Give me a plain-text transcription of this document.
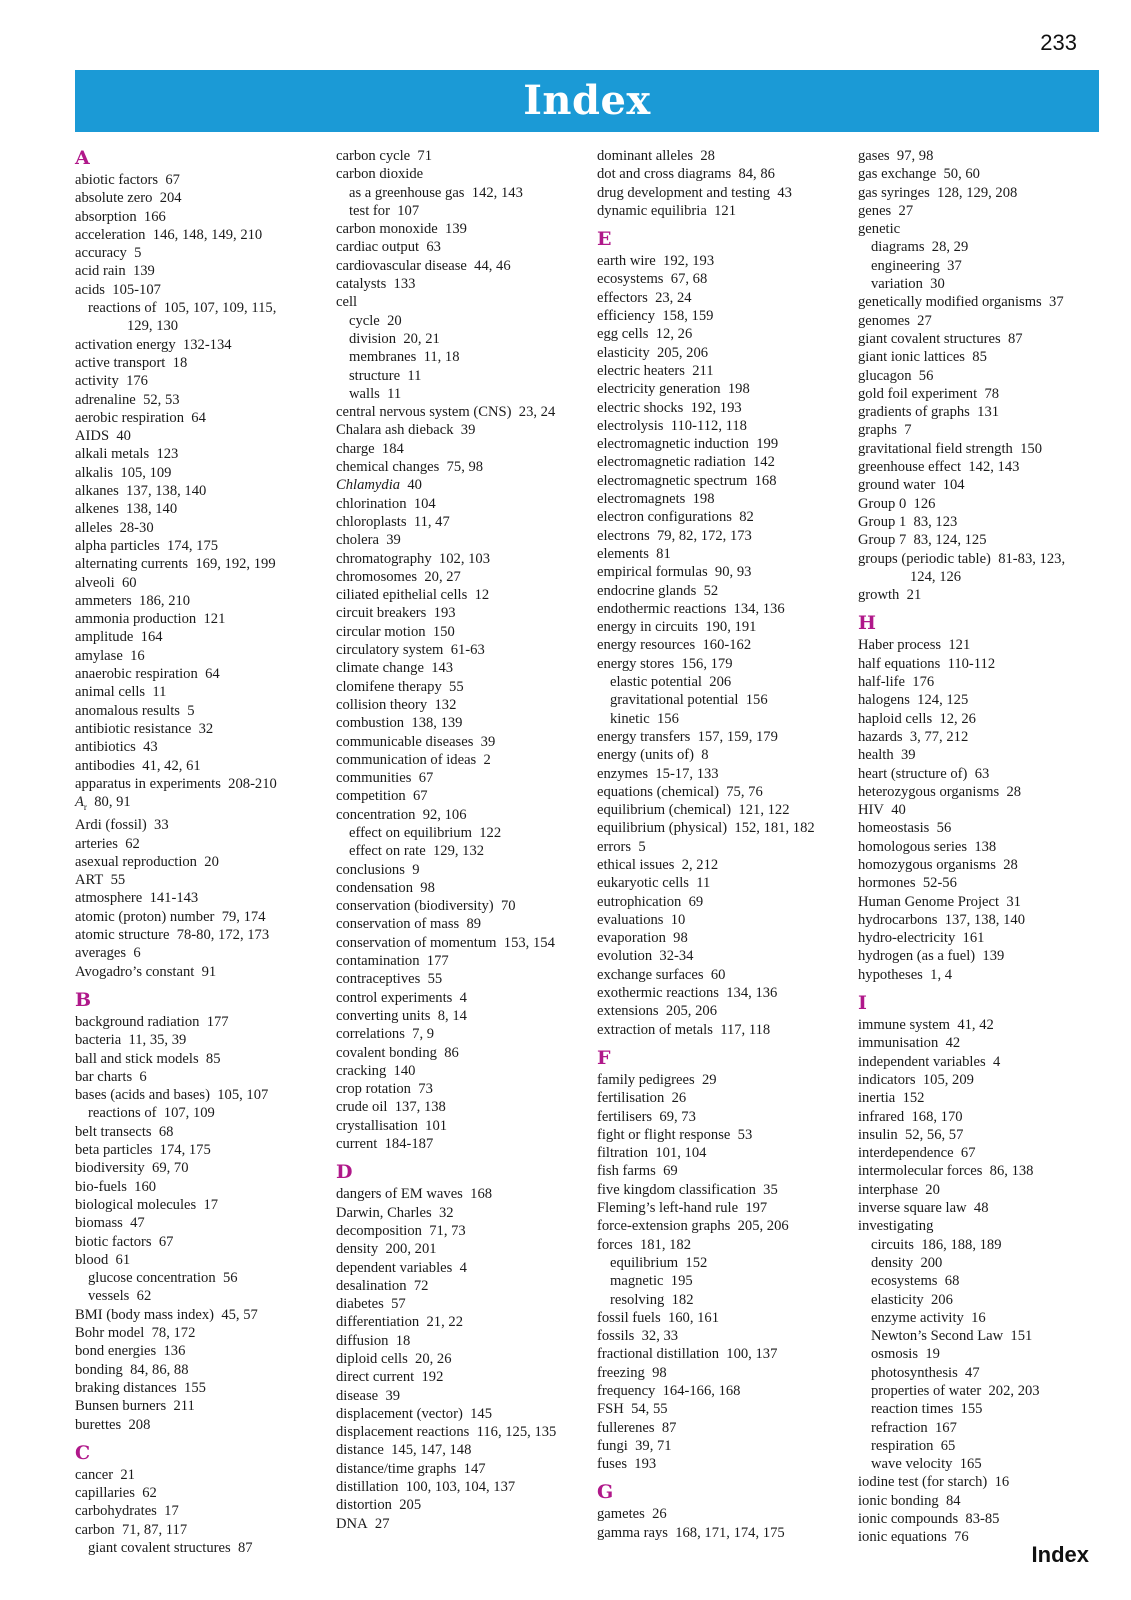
233
Index
A
abiotic factors  67
absolute zero  204
absorption  166
acceleration  146, 148, 149, 210
accuracy  5
acid rain  139
acids  105-107
reactions of  105, 107, 109, 115,
129, 130
activation energy  132-134
active transport  18
activity  176
adrenaline  52, 53
aerobic respiration  64
AIDS  40
alkali metals  123
alkalis  105, 109
alkanes  137, 138, 140
alkenes  138, 140
alleles  28-30
alpha particles  174, 175
alternating currents  169, 192, 199
alveoli  60
ammeters  186, 210
ammonia production  121
amplitude  164
amylase  16
anaerobic respiration  64
animal cells  11
anomalous results  5
antibiotic resistance  32
antibiotics  43
antibodies  41, 42, 61
apparatus in experiments  208-210
$A_r$  80, 91
Ardi (fossil)  33
arteries  62
asexual reproduction  20
ART  55
atmosphere  141-143
atomic (proton) number  79, 174
atomic structure  78-80, 172, 173
averages  6
Avogadro’s constant  91
B
background radiation  177
bacteria  11, 35, 39
ball and stick models  85
bar charts  6
bases (acids and bases)  105, 107
reactions of  107, 109
belt transects  68
beta particles  174, 175
biodiversity  69, 70
bio-fuels  160
biological molecules  17
biomass  47
biotic factors  67
blood  61
glucose concentration  56
vessels  62
BMI (body mass index)  45, 57
Bohr model  78, 172
bond energies  136
bonding  84, 86, 88
braking distances  155
Bunsen burners  211
burettes  208
C
cancer  21
capillaries  62
carbohydrates  17
carbon  71, 87, 117
giant covalent structures  87
carbon cycle  71
carbon dioxide
as a greenhouse gas  142, 143
test for  107
carbon monoxide  139
cardiac output  63
cardiovascular disease  44, 46
catalysts  133
cell
cycle  20
division  20, 21
membranes  11, 18
structure  11
walls  11
central nervous system (CNS)  23, 24
Chalara ash dieback  39
charge  184
chemical changes  75, 98
Chlamydia  40
chlorination  104
chloroplasts  11, 47
cholera  39
chromatography  102, 103
chromosomes  20, 27
ciliated epithelial cells  12
circuit breakers  193
circular motion  150
circulatory system  61-63
climate change  143
clomifene therapy  55
collision theory  132
combustion  138, 139
communicable diseases  39
communication of ideas  2
communities  67
competition  67
concentration  92, 106
effect on equilibrium  122
effect on rate  129, 132
conclusions  9
condensation  98
conservation (biodiversity)  70
conservation of mass  89
conservation of momentum  153, 154
contamination  177
contraceptives  55
control experiments  4
converting units  8, 14
correlations  7, 9
covalent bonding  86
cracking  140
crop rotation  73
crude oil  137, 138
crystallisation  101
current  184-187
D
dangers of EM waves  168
Darwin, Charles  32
decomposition  71, 73
density  200, 201
dependent variables  4
desalination  72
diabetes  57
differentiation  21, 22
diffusion  18
diploid cells  20, 26
direct current  192
disease  39
displacement (vector)  145
displacement reactions  116, 125, 135
distance  145, 147, 148
distance/time graphs  147
distillation  100, 103, 104, 137
distortion  205
DNA  27
dominant alleles  28
dot and cross diagrams  84, 86
drug development and testing  43
dynamic equilibria  121
E
earth wire  192, 193
ecosystems  67, 68
effectors  23, 24
efficiency  158, 159
egg cells  12, 26
elasticity  205, 206
electric heaters  211
electricity generation  198
electric shocks  192, 193
electrolysis  110-112, 118
electromagnetic induction  199
electromagnetic radiation  142
electromagnetic spectrum  168
electromagnets  198
electron configurations  82
electrons  79, 82, 172, 173
elements  81
empirical formulas  90, 93
endocrine glands  52
endothermic reactions  134, 136
energy in circuits  190, 191
energy resources  160-162
energy stores  156, 179
elastic potential  206
gravitational potential  156
kinetic  156
energy transfers  157, 159, 179
energy (units of)  8
enzymes  15-17, 133
equations (chemical)  75, 76
equilibrium (chemical)  121, 122
equilibrium (physical)  152, 181, 182
errors  5
ethical issues  2, 212
eukaryotic cells  11
eutrophication  69
evaluations  10
evaporation  98
evolution  32-34
exchange surfaces  60
exothermic reactions  134, 136
extensions  205, 206
extraction of metals  117, 118
F
family pedigrees  29
fertilisation  26
fertilisers  69, 73
fight or flight response  53
filtration  101, 104
fish farms  69
five kingdom classification  35
Fleming’s left-hand rule  197
force-extension graphs  205, 206
forces  181, 182
equilibrium  152
magnetic  195
resolving  182
fossil fuels  160, 161
fossils  32, 33
fractional distillation  100, 137
freezing  98
frequency  164-166, 168
FSH  54, 55
fullerenes  87
fungi  39, 71
fuses  193
G
gametes  26
gamma rays  168, 171, 174, 175
gases  97, 98
gas exchange  50, 60
gas syringes  128, 129, 208
genes  27
genetic
diagrams  28, 29
engineering  37
variation  30
genetically modified organisms  37
genomes  27
giant covalent structures  87
giant ionic lattices  85
glucagon  56
gold foil experiment  78
gradients of graphs  131
graphs  7
gravitational field strength  150
greenhouse effect  142, 143
ground water  104
Group 0  126
Group 1  83, 123
Group 7  83, 124, 125
groups (periodic table)  81-83, 123,
124, 126
growth  21
H
Haber process  121
half equations  110-112
half-life  176
halogens  124, 125
haploid cells  12, 26
hazards  3, 77, 212
health  39
heart (structure of)  63
heterozygous organisms  28
HIV  40
homeostasis  56
homologous series  138
homozygous organisms  28
hormones  52-56
Human Genome Project  31
hydrocarbons  137, 138, 140
hydro-electricity  161
hydrogen (as a fuel)  139
hypotheses  1, 4
I
immune system  41, 42
immunisation  42
independent variables  4
indicators  105, 209
inertia  152
infrared  168, 170
insulin  52, 56, 57
interdependence  67
intermolecular forces  86, 138
interphase  20
inverse square law  48
investigating
circuits  186, 188, 189
density  200
ecosystems  68
elasticity  206
enzyme activity  16
Newton’s Second Law  151
osmosis  19
photosynthesis  47
properties of water  202, 203
reaction times  155
refraction  167
respiration  65
wave velocity  165
iodine test (for starch)  16
ionic bonding  84
ionic compounds  83-85
ionic equations  76
Index
